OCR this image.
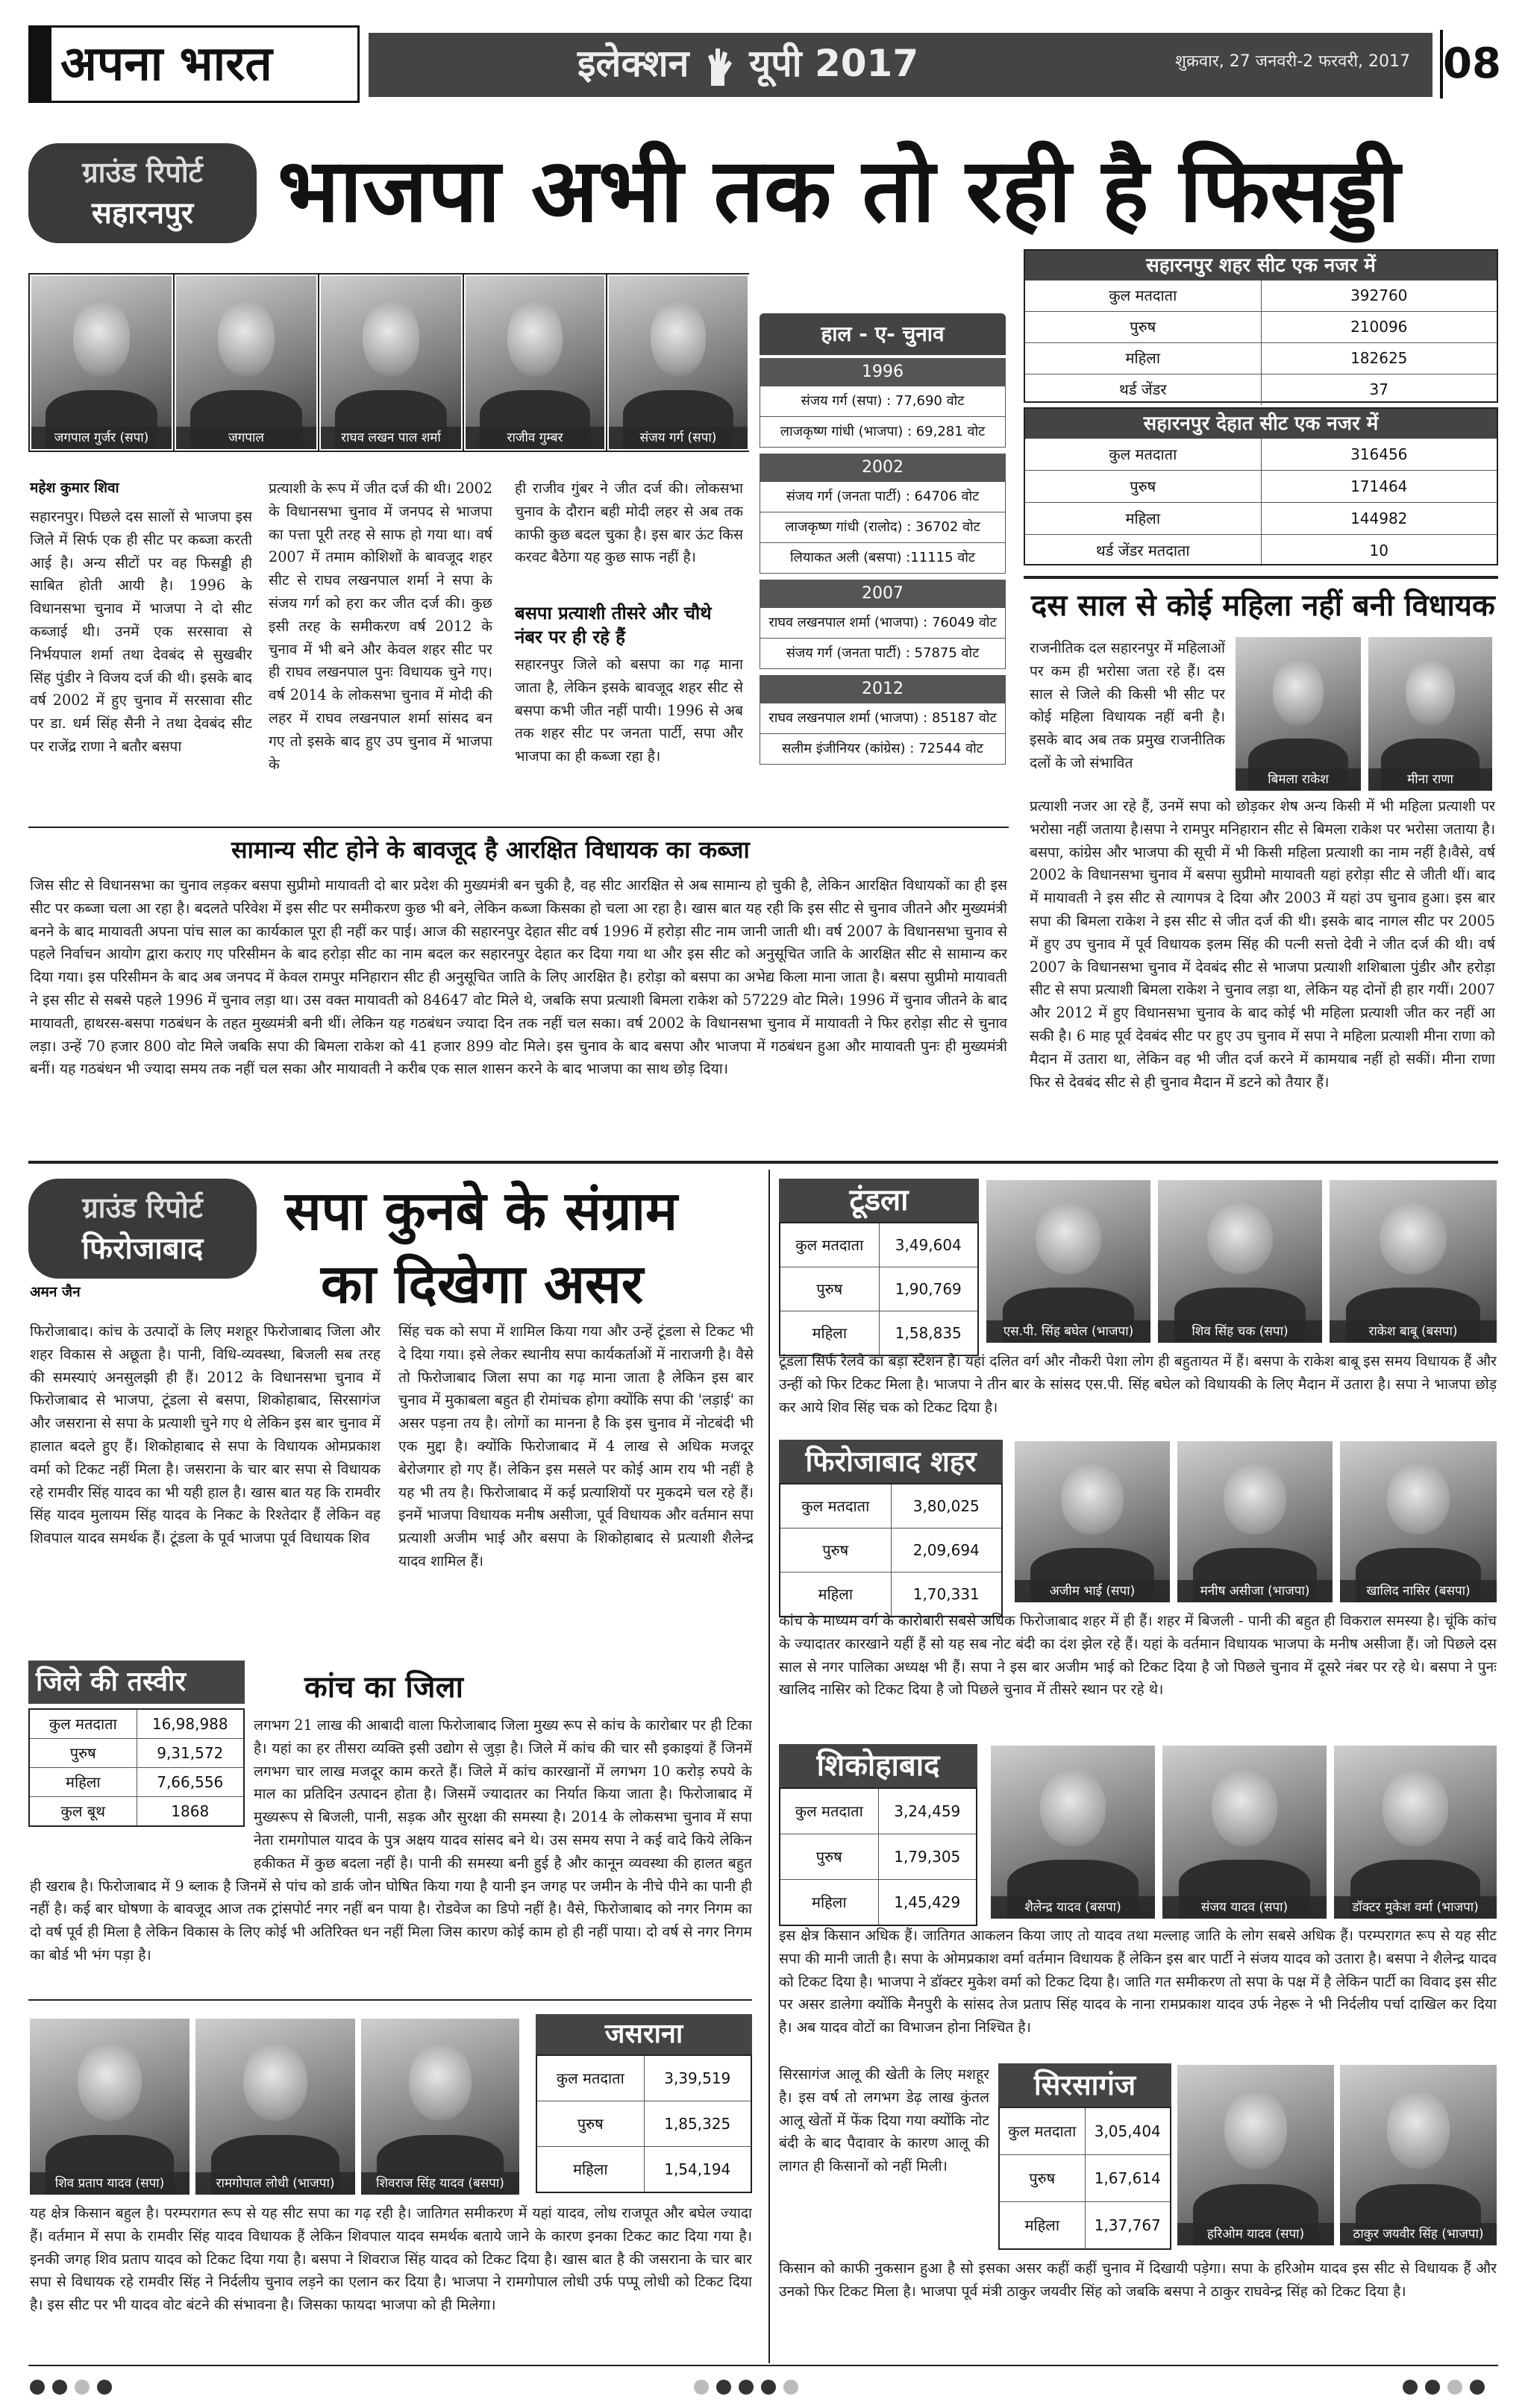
अपना भारत	इलेक्शन यूपी 2017	शुक्रवार, 27 जनवरी-2 फरवरी, 2017 08
ग्राउंड रिपोर्ट
सहारनपुर भाजपा अभी तक तो रही है फिसड्डी
जगपाल गुर्जर (सपा)	जगपाल	राघव लखन पाल शर्मा	राजीव गुम्बर	संजय गर्ग (सपा)
महेश कुमार शिवा
सहारनपुर। पिछले दस सालों से भाजपा इस जिले में सिर्फ एक ही सीट पर कब्जा करती आई है। अन्य सीटों पर वह फिसड्डी ही साबित होती आयी है। 1996 के विधानसभा चुनाव में भाजपा ने दो सीट कब्जाई थी। उनमें एक सरसावा से निर्भयपाल शर्मा तथा देवबंद से सुखबीर सिंह पुंडीर ने विजय दर्ज की थी। इसके बाद वर्ष 2002 में हुए चुनाव में सरसावा सीट पर डा. धर्म सिंह सैनी ने तथा देवबंद सीट पर राजेंद्र राणा ने बतौर बसपा
प्रत्याशी के रूप में जीत दर्ज की थी। 2002 के विधानसभा चुनाव में जनपद से भाजपा का पत्ता पूरी तरह से साफ हो गया था। वर्ष 2007 में तमाम कोशिशों के बावजूद शहर सीट से राघव लखनपाल शर्मा ने सपा के संजय गर्ग को हरा कर जीत दर्ज की। कुछ इसी तरह के समीकरण वर्ष 2012 के चुनाव में भी बने और केवल शहर सीट पर ही राघव लखनपाल पुनः विधायक चुने गए। वर्ष 2014 के लोकसभा चुनाव में मोदी की लहर में राघव लखनपाल शर्मा सांसद बन गए तो इसके बाद हुए उप चुनाव में भाजपा के
ही राजीव गुंबर ने जीत दर्ज की। लोकसभा चुनाव के दौरान बही मोदी लहर से अब तक काफी कुछ बदल चुका है। इस बार ऊंट किस करवट बैठेगा यह कुछ साफ नहीं है।
बसपा प्रत्याशी तीसरे और चौथे नंबर पर ही रहे हैं
सहारनपुर जिले को बसपा का गढ़ माना जाता है, लेकिन इसके बावजूद शहर सीट से बसपा कभी जीत नहीं पायी। 1996 से अब तक शहर सीट पर जनता पार्टी, सपा और भाजपा का ही कब्जा रहा है।
हाल - ए- चुनाव
1996
संजय गर्ग (सपा) : 77,690 वोट
लाजकृष्ण गांधी (भाजपा) : 69,281 वोट
2002
संजय गर्ग (जनता पार्टी) : 64706 वोट
लाजकृष्ण गांधी (रालोद) : 36702 वोट
लियाकत अली (बसपा) :11115 वोट
2007
राघव लखनपाल शर्मा (भाजपा) : 76049 वोट
संजय गर्ग (जनता पार्टी) : 57875 वोट
2012
राघव लखनपाल शर्मा (भाजपा) : 85187 वोट
सलीम इंजीनियर (कांग्रेस) : 72544 वोट
सहारनपुर शहर सीट एक नजर में
कुल मतदाता	392760
पुरुष	210096
महिला	182625
थर्ड जेंडर	37
सहारनपुर देहात सीट एक नजर में
कुल मतदाता	316456
पुरुष	171464
महिला	144982
थर्ड जेंडर मतदाता	10
दस साल से कोई महिला नहीं बनी विधायक
बिमला राकेश	मीना राणा
राजनीतिक दल सहारनपुर में महिलाओं पर कम ही भरोसा जता रहे हैं। दस साल से जिले की किसी भी सीट पर कोई महिला विधायक नहीं बनी है। इसके बाद अब तक प्रमुख राजनीतिक दलों के जो संभावित
प्रत्याशी नजर आ रहे हैं, उनमें सपा को छोड़कर शेष अन्य किसी में भी महिला प्रत्याशी पर भरोसा नहीं जताया है।सपा ने रामपुर मनिहारान सीट से बिमला राकेश पर भरोसा जताया है। बसपा, कांग्रेस और भाजपा की सूची में भी किसी महिला प्रत्याशी का नाम नहीं है।वैसे, वर्ष 2002 के विधानसभा चुनाव में बसपा सुप्रीमो मायावती यहां हरोड़ा सीट से जीती थीं। बाद में मायावती ने इस सीट से त्यागपत्र दे दिया और 2003 में यहां उप चुनाव हुआ। इस बार सपा की बिमला राकेश ने इस सीट से जीत दर्ज की थी। इसके बाद नागल सीट पर 2005 में हुए उप चुनाव में पूर्व विधायक इलम सिंह की पत्नी सत्तो देवी ने जीत दर्ज की थी। वर्ष 2007 के विधानसभा चुनाव में देवबंद सीट से भाजपा प्रत्याशी शशिबाला पुंडीर और हरोड़ा सीट से सपा प्रत्याशी बिमला राकेश ने चुनाव लड़ा था, लेकिन यह दोनों ही हार गयीं। 2007 और 2012 में हुए विधानसभा चुनाव के बाद कोई भी महिला प्रत्याशी जीत कर नहीं आ सकी है। 6 माह पूर्व देवबंद सीट पर हुए उप चुनाव में सपा ने महिला प्रत्याशी मीना राणा को मैदान में उतारा था, लेकिन वह भी जीत दर्ज करने में कामयाब नहीं हो सकीं। मीना राणा फिर से देवबंद सीट से ही चुनाव मैदान में डटने को तैयार हैं।
सामान्य सीट होने के बावजूद है आरक्षित विधायक का कब्जा
जिस सीट से विधानसभा का चुनाव लड़कर बसपा सुप्रीमो मायावती दो बार प्रदेश की मुख्यमंत्री बन चुकी है, वह सीट आरक्षित से अब सामान्य हो चुकी है, लेकिन आरक्षित विधायकों का ही इस सीट पर कब्जा चला आ रहा है। बदलते परिवेश में इस सीट पर समीकरण कुछ भी बने, लेकिन कब्जा किसका हो चला आ रहा है। खास बात यह रही कि इस सीट से चुनाव जीतने और मुख्यमंत्री बनने के बाद मायावती अपना पांच साल का कार्यकाल पूरा ही नहीं कर पाई। आज की सहारनपुर देहात सीट वर्ष 1996 में हरोड़ा सीट नाम जानी जाती थी। वर्ष 2007 के विधानसभा चुनाव से पहले निर्वाचन आयोग द्वारा कराए गए परिसीमन के बाद हरोड़ा सीट का नाम बदल कर सहारनपुर देहात कर दिया गया था और इस सीट को अनुसूचित जाति के आरक्षित सीट से सामान्य कर दिया गया। इस परिसीमन के बाद अब जनपद में केवल रामपुर मनिहारान सीट ही अनुसूचित जाति के लिए आरक्षित है। हरोड़ा को बसपा का अभेद्य किला माना जाता है। बसपा सुप्रीमो मायावती ने इस सीट से सबसे पहले 1996 में चुनाव लड़ा था। उस वक्त मायावती को 84647 वोट मिले थे, जबकि सपा प्रत्याशी बिमला राकेश को 57229 वोट मिले। 1996 में चुनाव जीतने के बाद मायावती, हाथरस-बसपा गठबंधन के तहत मुख्यमंत्री बनी थीं। लेकिन यह गठबंधन ज्यादा दिन तक नहीं चल सका। वर्ष 2002 के विधानसभा चुनाव में मायावती ने फिर हरोड़ा सीट से चुनाव लड़ा। उन्हें 70 हजार 800 वोट मिले जबकि सपा की बिमला राकेश को 41 हजार 899 वोट मिले। इस चुनाव के बाद बसपा और भाजपा में गठबंधन हुआ और मायावती पुनः ही मुख्यमंत्री बनीं। यह गठबंधन भी ज्यादा समय तक नहीं चल सका और मायावती ने करीब एक साल शासन करने के बाद भाजपा का साथ छोड़ दिया।
ग्राउंड रिपोर्ट
फिरोजाबाद
सपा कुनबे के संग्राम
का दिखेगा असर
अमन जैन
फिरोजाबाद। कांच के उत्पादों के लिए मशहूर फिरोजाबाद जिला और शहर विकास से अछूता है। पानी, विधि-व्यवस्था, बिजली सब तरह की समस्याएं अनसुलझी ही हैं। 2012 के विधानसभा चुनाव में फिरोजाबाद से भाजपा, टूंडला से बसपा, शिकोहाबाद, सिरसागंज और जसराना से सपा के प्रत्याशी चुने गए थे लेकिन इस बार चुनाव में हालात बदले हुए हैं। शिकोहाबाद से सपा के विधायक ओमप्रकाश वर्मा को टिकट नहीं मिला है। जसराना के चार बार सपा से विधायक रहे रामवीर सिंह यादव का भी यही हाल है। खास बात यह कि रामवीर सिंह यादव मुलायम सिंह यादव के निकट के रिश्तेदार हैं लेकिन वह शिवपाल यादव समर्थक हैं। टूंडला के पूर्व भाजपा पूर्व विधायक शिव
सिंह चक को सपा में शामिल किया गया और उन्हें टूंडला से टिकट भी दे दिया गया। इसे लेकर स्थानीय सपा कार्यकर्ताओं में नाराजगी है। वैसे तो फिरोजाबाद जिला सपा का गढ़ माना जाता है लेकिन इस बार चुनाव में मुकाबला बहुत ही रोमांचक होगा क्योंकि सपा की 'लड़ाई' का असर पड़ना तय है। लोगों का मानना है कि इस चुनाव में नोटबंदी भी एक मुद्दा है। क्योंकि फिरोजाबाद में 4 लाख से अधिक मजदूर बेरोजगार हो गए हैं। लेकिन इस मसले पर कोई आम राय भी नहीं है यह भी तय है। फिरोजाबाद में कई प्रत्याशियों पर मुकदमे चल रहे हैं। इनमें भाजपा विधायक मनीष असीजा, पूर्व विधायक और वर्तमान सपा प्रत्याशी अजीम भाई और बसपा के शिकोहाबाद से प्रत्याशी शैलेन्द्र यादव शामिल हैं।
जिले की तस्वीर
कुल मतदाता	16,98,988
पुरुष	9,31,572
महिला	7,66,556
कुल बूथ	1868
कांच का जिला
लगभग 21 लाख की आबादी वाला फिरोजाबाद जिला मुख्य रूप से कांच के कारोबार पर ही टिका है। यहां का हर तीसरा व्यक्ति इसी उद्योग से जुड़ा है। जिले में कांच की चार सौ इकाइयां हैं जिनमें लगभग चार लाख मजदूर काम करते हैं। जिले में कांच कारखानों में लगभग 10 करोड़ रुपये के माल का प्रतिदिन उत्पादन होता है। जिसमें ज्यादातर का निर्यात किया जाता है। फिरोजाबाद में मुख्यरूप से बिजली, पानी, सड़क और सुरक्षा की समस्या है। 2014 के लोकसभा चुनाव में सपा नेता रामगोपाल यादव के पुत्र अक्षय यादव सांसद बने थे। उस समय सपा ने कई वादे किये लेकिन हकीकत में कुछ बदला नहीं है। पानी की समस्या बनी हुई है और कानून व्यवस्था की हालत बहुत ही खराब है। फिरोजाबाद में 9 ब्लाक है जिनमें से पांच को डार्क जोन घोषित किया गया है यानी इन जगह पर जमीन के नीचे पीने का पानी ही नहीं है। कई बार घोषणा के बावजूद आज तक ट्रांसपोर्ट नगर नहीं बन पाया है। रोडवेज का डिपो नहीं है। वैसे, फिरोजाबाद को नगर निगम का दो वर्ष पूर्व ही मिला है लेकिन विकास के लिए कोई भी अतिरिक्त धन नहीं मिला जिस कारण कोई काम हो ही नहीं पाया। दो वर्ष से नगर निगम का बोर्ड भी भंग पड़ा है।
शिव प्रताप यादव (सपा)	रामगोपाल लोधी (भाजपा)	शिवराज सिंह यादव (बसपा)
जसराना
कुल मतदाता	3,39,519
पुरुष	1,85,325
महिला	1,54,194
यह क्षेत्र किसान बहुल है। परम्परागत रूप से यह सीट सपा का गढ़ रही है। जातिगत समीकरण में यहां यादव, लोध राजपूत और बघेल ज्यादा हैं। वर्तमान में सपा के रामवीर सिंह यादव विधायक हैं लेकिन शिवपाल यादव समर्थक बताये जाने के कारण इनका टिकट काट दिया गया है। इनकी जगह शिव प्रताप यादव को टिकट दिया गया है। बसपा ने शिवराज सिंह यादव को टिकट दिया है। खास बात है की जसराना के चार बार सपा से विधायक रहे रामवीर सिंह ने निर्दलीय चुनाव लड़ने का एलान कर दिया है। भाजपा ने रामगोपाल लोधी उर्फ पप्पू लोधी को टिकट दिया है। इस सीट पर भी यादव वोट बंटने की संभावना है। जिसका फायदा भाजपा को ही मिलेगा।
टूंडला
कुल मतदाता	3,49,604
पुरुष	1,90,769
महिला	1,58,835	एस.पी. सिंह बघेल (भाजपा)	शिव सिंह चक (सपा)	राकेश बाबू (बसपा)
टूंडला सिर्फ रेलवे का बड़ा स्टेशन है। यहां दलित वर्ग और नौकरी पेशा लोग ही बहुतायत में हैं। बसपा के राकेश बाबू इस समय विधायक हैं और उन्हीं को फिर टिकट मिला है। भाजपा ने तीन बार के सांसद एस.पी. सिंह बघेल को विधायकी के लिए मैदान में उतारा है। सपा ने भाजपा छोड़ कर आये शिव सिंह चक को टिकट दिया है।
फिरोजाबाद शहर
कुल मतदाता	3,80,025
पुरुष	2,09,694
महिला	1,70,331	अजीम भाई (सपा)	मनीष असीजा (भाजपा)	खालिद नासिर (बसपा)
कांच के माध्यम वर्ग के कारोबारी सबसे अधिक फिरोजाबाद शहर में ही हैं। शहर में बिजली - पानी की बहुत ही विकराल समस्या है। चूंकि कांच के ज्यादातर कारखाने यहीं हैं सो यह सब नोट बंदी का दंश झेल रहे हैं। यहां के वर्तमान विधायक भाजपा के मनीष असीजा हैं। जो पिछले दस साल से नगर पालिका अध्यक्ष भी हैं। सपा ने इस बार अजीम भाई को टिकट दिया है जो पिछले चुनाव में दूसरे नंबर पर रहे थे। बसपा ने पुनः खालिद नासिर को टिकट दिया है जो पिछले चुनाव में तीसरे स्थान पर रहे थे।
शिकोहाबाद
कुल मतदाता	3,24,459
पुरुष	1,79,305
महिला	1,45,429	शैलेन्द्र यादव (बसपा)	संजय यादव (सपा)	डॉक्टर मुकेश वर्मा (भाजपा)
इस क्षेत्र किसान अधिक हैं। जातिगत आकलन किया जाए तो यादव तथा मल्लाह जाति के लोग सबसे अधिक हैं। परम्परागत रूप से यह सीट सपा की मानी जाती है। सपा के ओमप्रकाश वर्मा वर्तमान विधायक हैं लेकिन इस बार पार्टी ने संजय यादव को उतारा है। बसपा ने शैलेन्द्र यादव को टिकट दिया है। भाजपा ने डॉक्टर मुकेश वर्मा को टिकट दिया है। जाति गत समीकरण तो सपा के पक्ष में है लेकिन पार्टी का विवाद इस सीट पर असर डालेगा क्योंकि मैनपुरी के सांसद तेज प्रताप सिंह यादव के नाना रामप्रकाश यादव उर्फ नेहरू ने भी निर्दलीय पर्चा दाखिल कर दिया है। अब यादव वोटों का विभाजन होना निश्चित है।
सिरसागंज आलू की खेती के लिए मशहूर है। इस वर्ष तो लगभग डेढ़ लाख कुंतल आलू खेतों में फेंक दिया गया क्योंकि नोट बंदी के बाद पैदावार के कारण आलू की लागत ही किसानों को नहीं मिली।
सिरसागंज
कुल मतदाता	3,05,404
पुरुष	1,67,614
महिला	1,37,767	हरिओम यादव (सपा)	ठाकुर जयवीर सिंह (भाजपा)
किसान को काफी नुकसान हुआ है सो इसका असर कहीं कहीं चुनाव में दिखायी पड़ेगा। सपा के हरिओम यादव इस सीट से विधायक हैं और उनको फिर टिकट मिला है। भाजपा पूर्व मंत्री ठाकुर जयवीर सिंह को जबकि बसपा ने ठाकुर राघवेन्द्र सिंह को टिकट दिया है।
